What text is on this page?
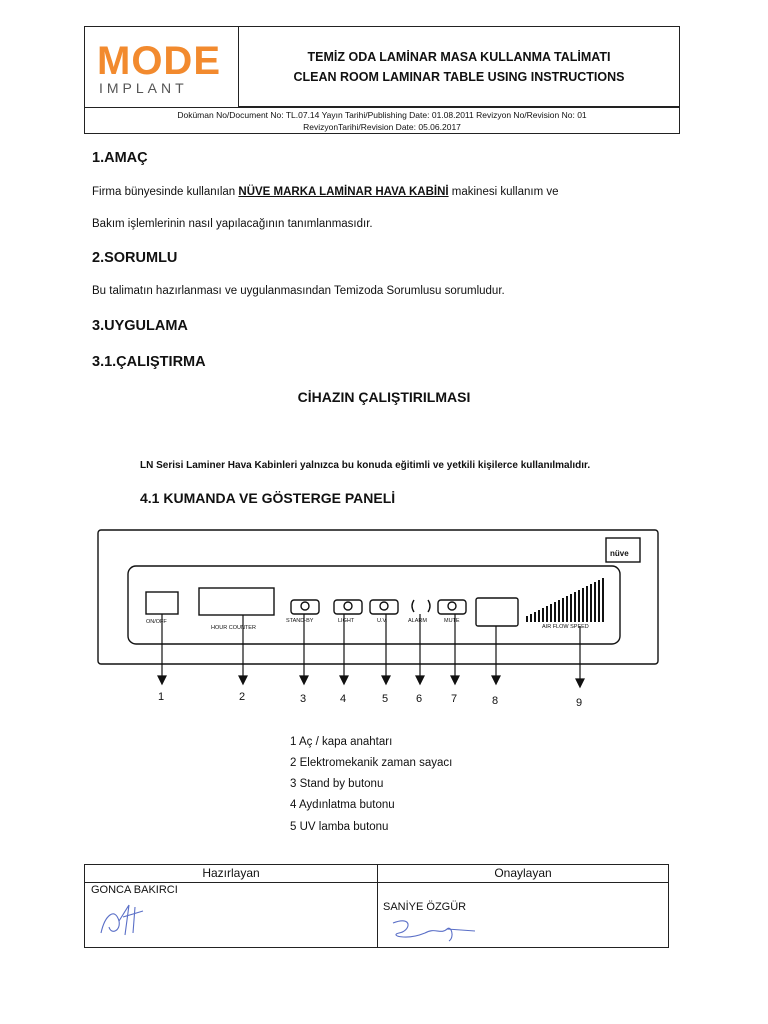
MODE
IMPLANT
TEMİZ ODA LAMİNAR MASA KULLANMA TALİMATI
CLEAN ROOM LAMINAR TABLE USING INSTRUCTIONS
Doküman No/Document No: TL.07.14 Yayın Tarihi/Publishing Date: 01.08.2011 Revizyon No/Revision No: 01
RevizyonTarihi/Revision Date: 05.06.2017
1.AMAÇ
Firma bünyesinde kullanılan NÜVE MARKA LAMİNAR HAVA KABİNİ makinesi kullanım ve
Bakım işlemlerinin nasıl yapılacağının tanımlanmasıdır.
2.SORUMLU
Bu talimatın hazırlanması ve uygulanmasından Temizoda Sorumlusu sorumludur.
3.UYGULAMA
3.1.ÇALIŞTIRMA
CİHAZIN ÇALIŞTIRILMASI
LN Serisi Laminer Hava Kabinleri yalnızca bu konuda eğitimli ve yetkili kişilerce kullanılmalıdır.
4.1 KUMANDA VE GÖSTERGE PANELİ
ON/OFF
HOUR COUNTER
STAND-BY	LIGHT	U.V.	ALARM	MUTE
AIR FLOW SPEED
nüve
1	2	3	4	5	6	7	8	9
1 Aç / kapa anahtarı
2 Elektromekanik zaman sayacı
3 Stand by butonu
4 Aydınlatma butonu
5 UV lamba butonu
Hazırlayan	Onaylayan
GONCA BAKIRCI
SANİYE ÖZGÜR
